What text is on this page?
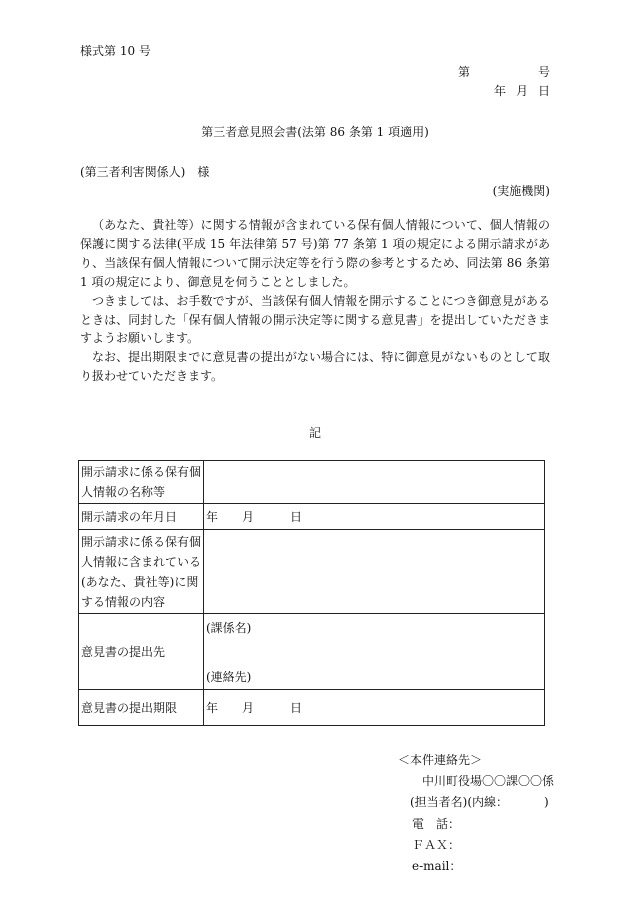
様式第 10 号
第	号
年 月 日
第三者意見照会書(法第 86 条第 1 項適用)
(第三者利害関係人)　様
(実施機関)

（あなた、貴社等）に関する情報が含まれている保有個人情報について、個人情報の保護に関する法律(平成 15 年法律第 57 号)第 77 条第 1 項の規定による開示請求があり、当該保有個人情報について開示決定等を行う際の参考とするため、同法第 86 条第 1 項の規定により、御意見を伺うこととしました。

つきましては、お手数ですが、当該保有個人情報を開示することにつき御意見があるときは、同封した「保有個人情報の開示決定等に関する意見書」を提出していただきますようお願いします。

なお、提出期限までに意見書の提出がない場合には、特に御意見がないものとして取り扱わせていただきます。

記
開示請求に係る保有個人情報の名称等	
開示請求の年月日	年 月 日

開示請求に係る保有個人情報に含まれている(あなた、貴社等)に関する情報の内容	
意見書の提出先	(課係名)
(連絡先)

意見書の提出期限	年 月 日
＜本件連絡先＞
中川町役場〇〇課〇〇係
(担当者名)(内線：	)
電　話：
ＦＡＸ：
e-mail：
